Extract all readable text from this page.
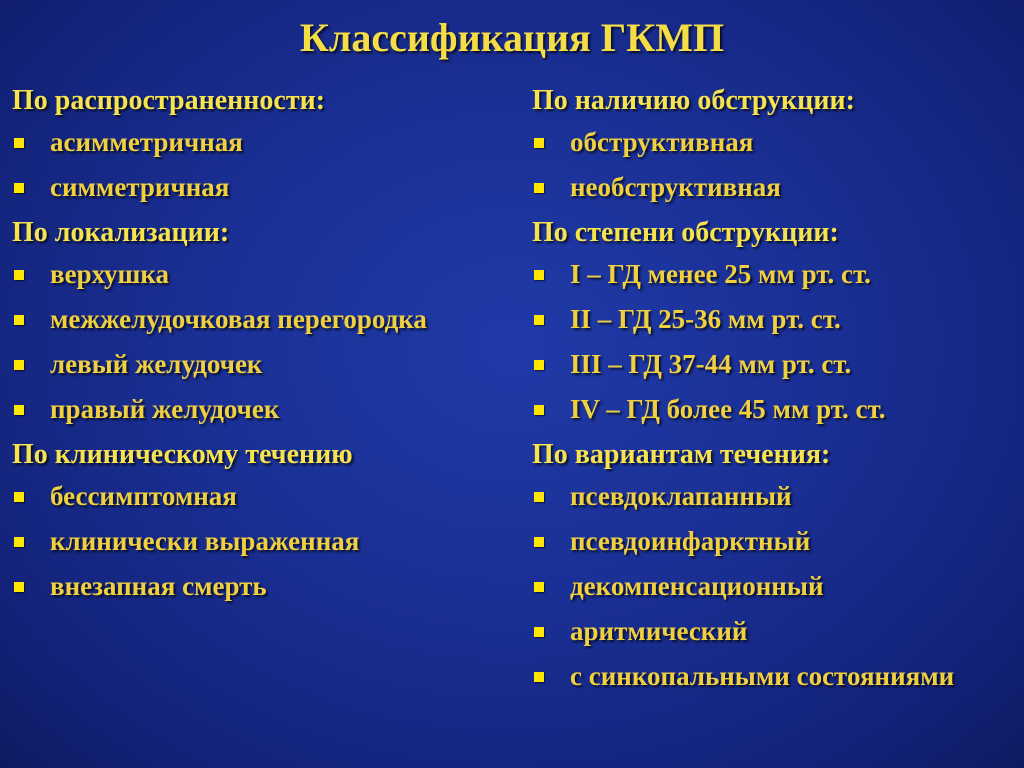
Классификация ГКМП
По распространенности:
асимметричная
симметричная
По локализации:
верхушка
межжелудочковая перегородка
левый желудочек
правый желудочек
По клиническому течению
бессимптомная
клинически выраженная
внезапная смерть
По наличию обструкции:
обструктивная
необструктивная
По степени обструкции:
I – ГД менее 25 мм рт. ст.
II – ГД 25-36 мм рт. ст.
III – ГД 37-44 мм рт. ст.
IV – ГД более 45 мм рт. ст.
По вариантам течения:
псевдоклапанный
псевдоинфарктный
декомпенсационный
аритмический
с синкопальными состояниями
